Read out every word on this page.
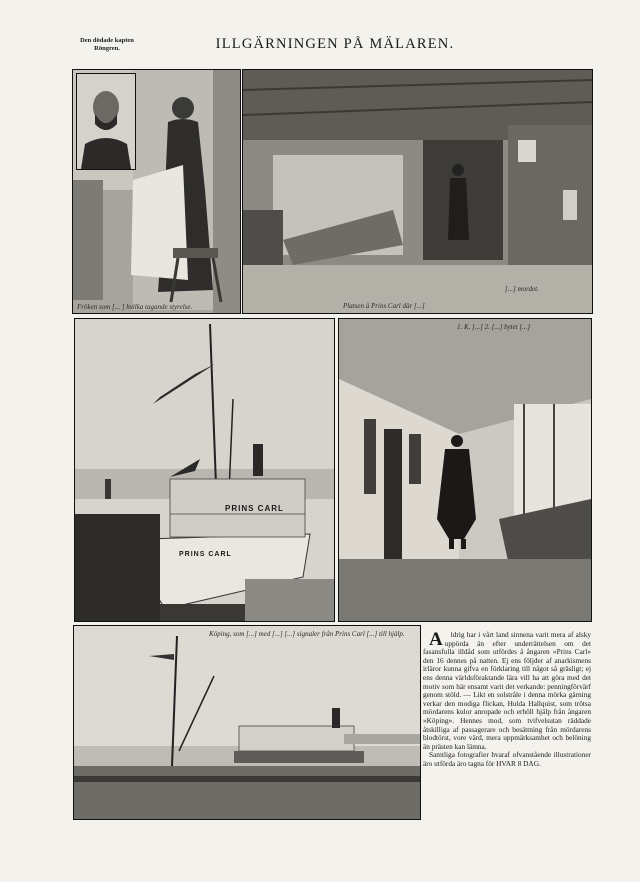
Den dödade kapten Röngren.	ILLGÄRNINGEN PÅ MÄLAREN.
Fröken som [... ] hvilka tagande styrelse.
[...] mordet.
Platsen å Prins Carl där [...]
PRINS CARL
PRINS CARL
1. K. [...] 2. [...] bytet [...]
Köping, som [...] med [...] [...] signaler från Prins Carl [...] till hjälp.	A ldrig har i vårt land sinnena varit mera af alsky uppörda än efter underrättelsen om det fasansfulla illdåd som utfördes å ångaren »Prins Carl» den 16 dennes på natten. Ej ens följder af anarkismens irläror kunna gifva en förklaring till något så gräsligt; ej ens denna världsföraktande lära vill ha att göra med det motiv som här ensamt varit det verkande: penningförvärf genom stöld. — Likt en solstråle i denna mörka gärning verkar den modiga flickan, Hulda Hallquist, som trötsa mördarens kulor anropade och erhöll hjälp från ångaren »Köping». Hennes mod, som tvifvelsutan räddade åtskilliga af passagerare och besättning från mördarens blodtörst, vore värd, mera uppmärksamhet och belöning än prästen kan lämna.

Samtliga fotografier hvaraf ofvanstående illustrationer äro utförda äro tagna för HVAR 8 DAG.
